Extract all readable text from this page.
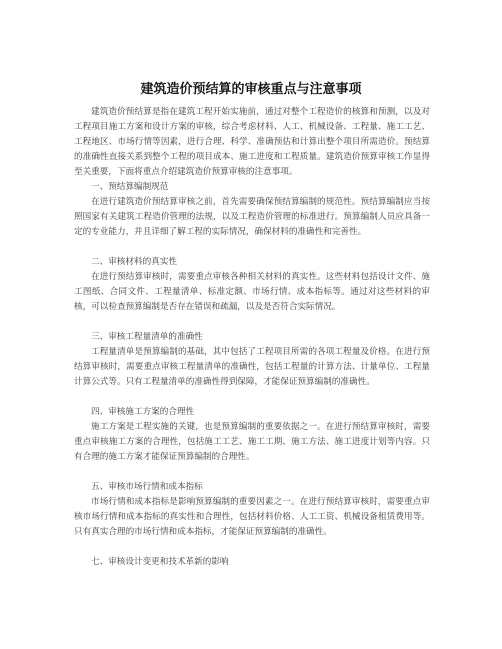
建筑造价预结算的审核重点与注意事项

建筑造价预结算是指在建筑工程开始实施前，通过对整个工程造价的核算和预测，以及对工程项目施工方案和设计方案的审核，综合考虑材料、人工、机械设备、工程量、施工工艺、工程地区、市场行情等因素，进行合理、科学、准确预估和计算出整个项目所需造价。预结算的准确性直接关系到整个工程的项目成本、施工进度和工程质量。建筑造价预算审核工作显得至关重要，下面将重点介绍建筑造价预算审核的注意事项。

一、预结算编制规范

在进行建筑造价预结算审核之前，首先需要确保预结算编制的规范性。预结算编制应当按照国家有关建筑工程造价管理的法规，以及工程造价管理的标准进行。预算编制人员应具备一定的专业能力，并且详细了解工程的实际情况，确保材料的准确性和完善性。

二、审核材料的真实性

在进行预结算审核时，需要重点审核各种相关材料的真实性。这些材料包括设计文件、施工图纸、合同文件、工程量清单、标准定额、市场行情、成本指标等。通过对这些材料的审核，可以检查预算编制是否存在错误和疏漏，以及是否符合实际情况。

三、审核工程量清单的准确性

工程量清单是预算编制的基础，其中包括了工程项目所需的各项工程量及价格。在进行预结算审核时，需要重点审核工程量清单的准确性，包括工程量的计算方法、计量单位、工程量计算公式等。只有工程量清单的准确性得到保障，才能保证预算编制的准确性。

四、审核施工方案的合理性

施工方案是工程实施的关键，也是预算编制的重要依据之一。在进行预结算审核时，需要重点审核施工方案的合理性，包括施工工艺、施工工期、施工方法、施工进度计划等内容。只有合理的施工方案才能保证预算编制的合理性。

五、审核市场行情和成本指标

市场行情和成本指标是影响预算编制的重要因素之一。在进行预结算审核时，需要重点审核市场行情和成本指标的真实性和合理性，包括材料价格、人工工资、机械设备租赁费用等。只有真实合理的市场行情和成本指标，才能保证预算编制的准确性。

七、审核设计变更和技术革新的影响
